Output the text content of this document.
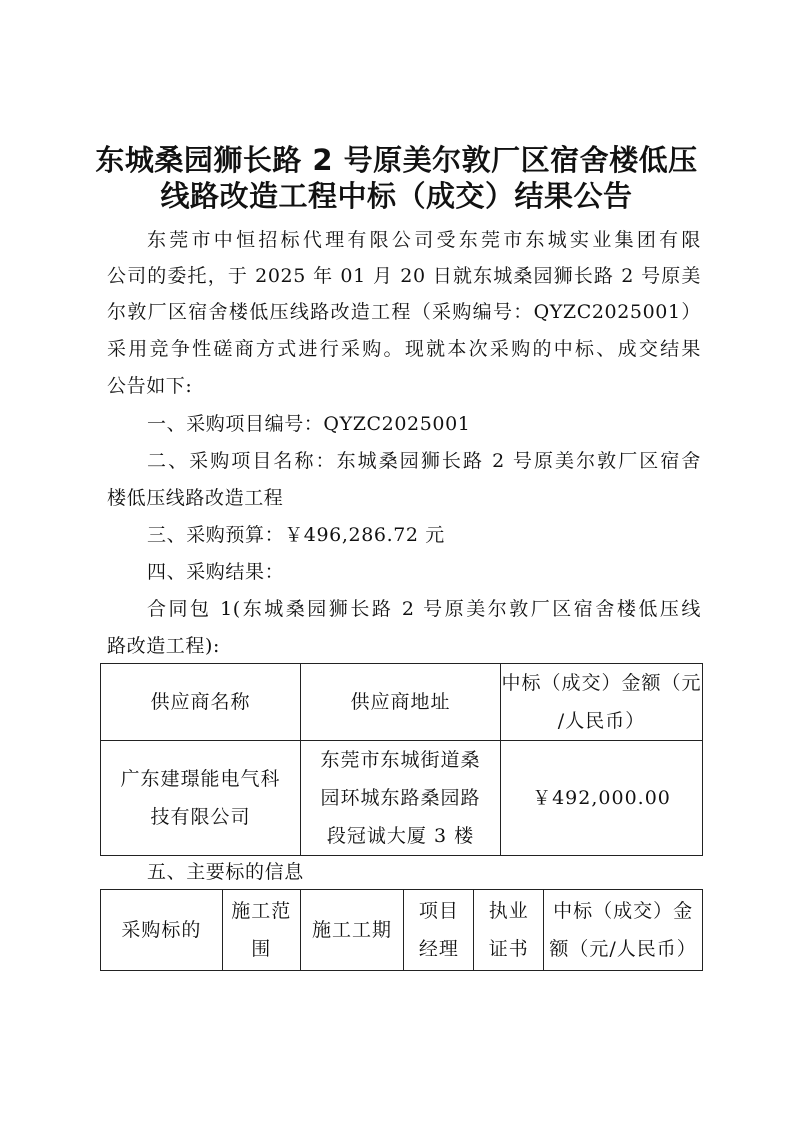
东城桑园狮长路 2 号原美尔敦厂区宿舍楼低压
线路改造工程中标（成交）结果公告
东莞市中恒招标代理有限公司受东莞市东城实业集团有限
公司的委托，于 2025 年 01 月 20 日就东城桑园狮长路 2 号原美
尔敦厂区宿舍楼低压线路改造工程（采购编号：QYZC2025001）
采用竞争性磋商方式进行采购。现就本次采购的中标、成交结果
公告如下:
一、采购项目编号：QYZC2025001
二、采购项目名称：东城桑园狮长路 2 号原美尔敦厂区宿舍
楼低压线路改造工程
三、采购预算：￥496,286.72 元
四、采购结果：
合同包 1(东城桑园狮长路 2 号原美尔敦厂区宿舍楼低压线
路改造工程):
供应商名称	供应商地址	中标（成交）金额（元
/人民币）
广东建璟能电气科
技有限公司	东莞市东城街道桑
园环城东路桑园路
段冠诚大厦 3 楼	￥492,000.00
五、主要标的信息
采购标的	施工范
围	施工工期	项目
经理	执业
证书	中标（成交）金
额（元/人民币）
